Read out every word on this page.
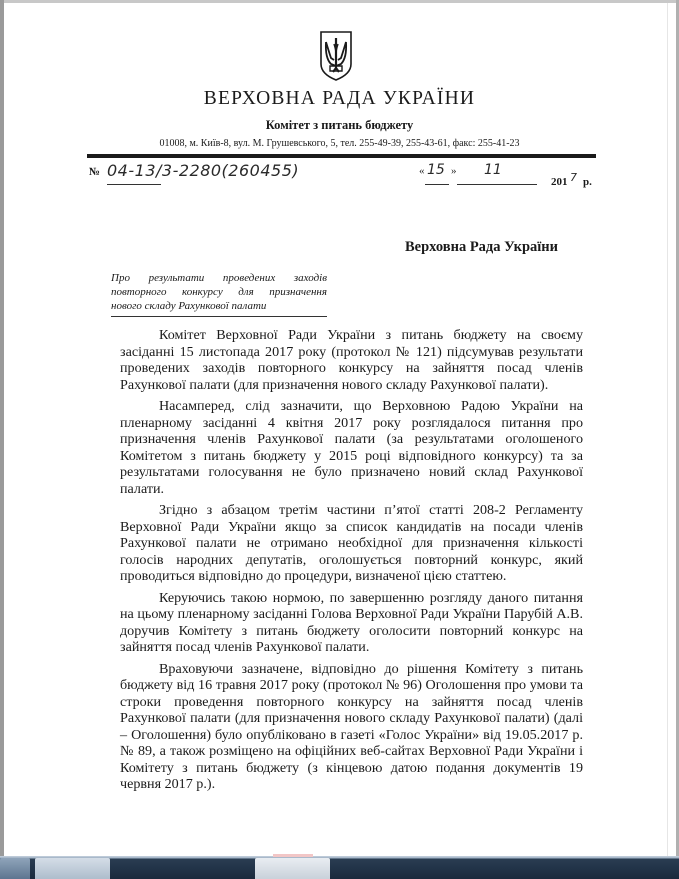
ВЕРХОВНА РАДА УКРАЇНИ
Комітет з питань бюджету
01008, м. Київ-8, вул. М. Грушевського, 5, тел. 255-49-39, 255-43-61, факс: 255-41-23
№ 04-13/3-2280(260455)	« 15 » 11
201 7 р.
Верховна Рада України
Про результати проведених заходів
повторного конкурсу для призначення
нового складу Рахункової палати

Комітет Верховної Ради України з питань бюджету на своєму засіданні 15 листопада 2017 року (протокол № 121) підсумував результати проведених заходів повторного конкурсу на зайняття посад членів Рахункової палати (для призначення нового складу Рахункової палати).

Насамперед, слід зазначити, що Верховною Радою України на пленарному засіданні 4 квітня 2017 року розглядалося питання про призначення членів Рахункової палати (за результатами оголошеного Комітетом з питань бюджету у 2015 році відповідного конкурсу) та за результатами голосування не було призначено новий склад Рахункової палати.

Згідно з абзацом третім частини п’ятої статті 208-2 Регламенту Верховної Ради України якщо за список кандидатів на посади членів Рахункової палати не отримано необхідної для призначення кількості голосів народних депутатів, оголошується повторний конкурс, який проводиться відповідно до процедури, визначеної цією статтею.

Керуючись такою нормою, по завершенню розгляду даного питання на цьому пленарному засіданні Голова Верховної Ради України Парубій А.В. доручив Комітету з питань бюджету оголосити повторний конкурс на зайняття посад членів Рахункової палати.

Враховуючи зазначене, відповідно до рішення Комітету з питань бюджету від 16 травня 2017 року (протокол № 96) Оголошення про умови та строки проведення повторного конкурсу на зайняття посад членів Рахункової палати (для призначення нового складу Рахункової палати) (далі – Оголошення) було опубліковано в газеті «Голос України» від 19.05.2017 р. № 89, а також розміщено на офіційних веб-сайтах Верховної Ради України і Комітету з питань бюджету (з кінцевою датою подання документів 19 червня 2017 р.).
